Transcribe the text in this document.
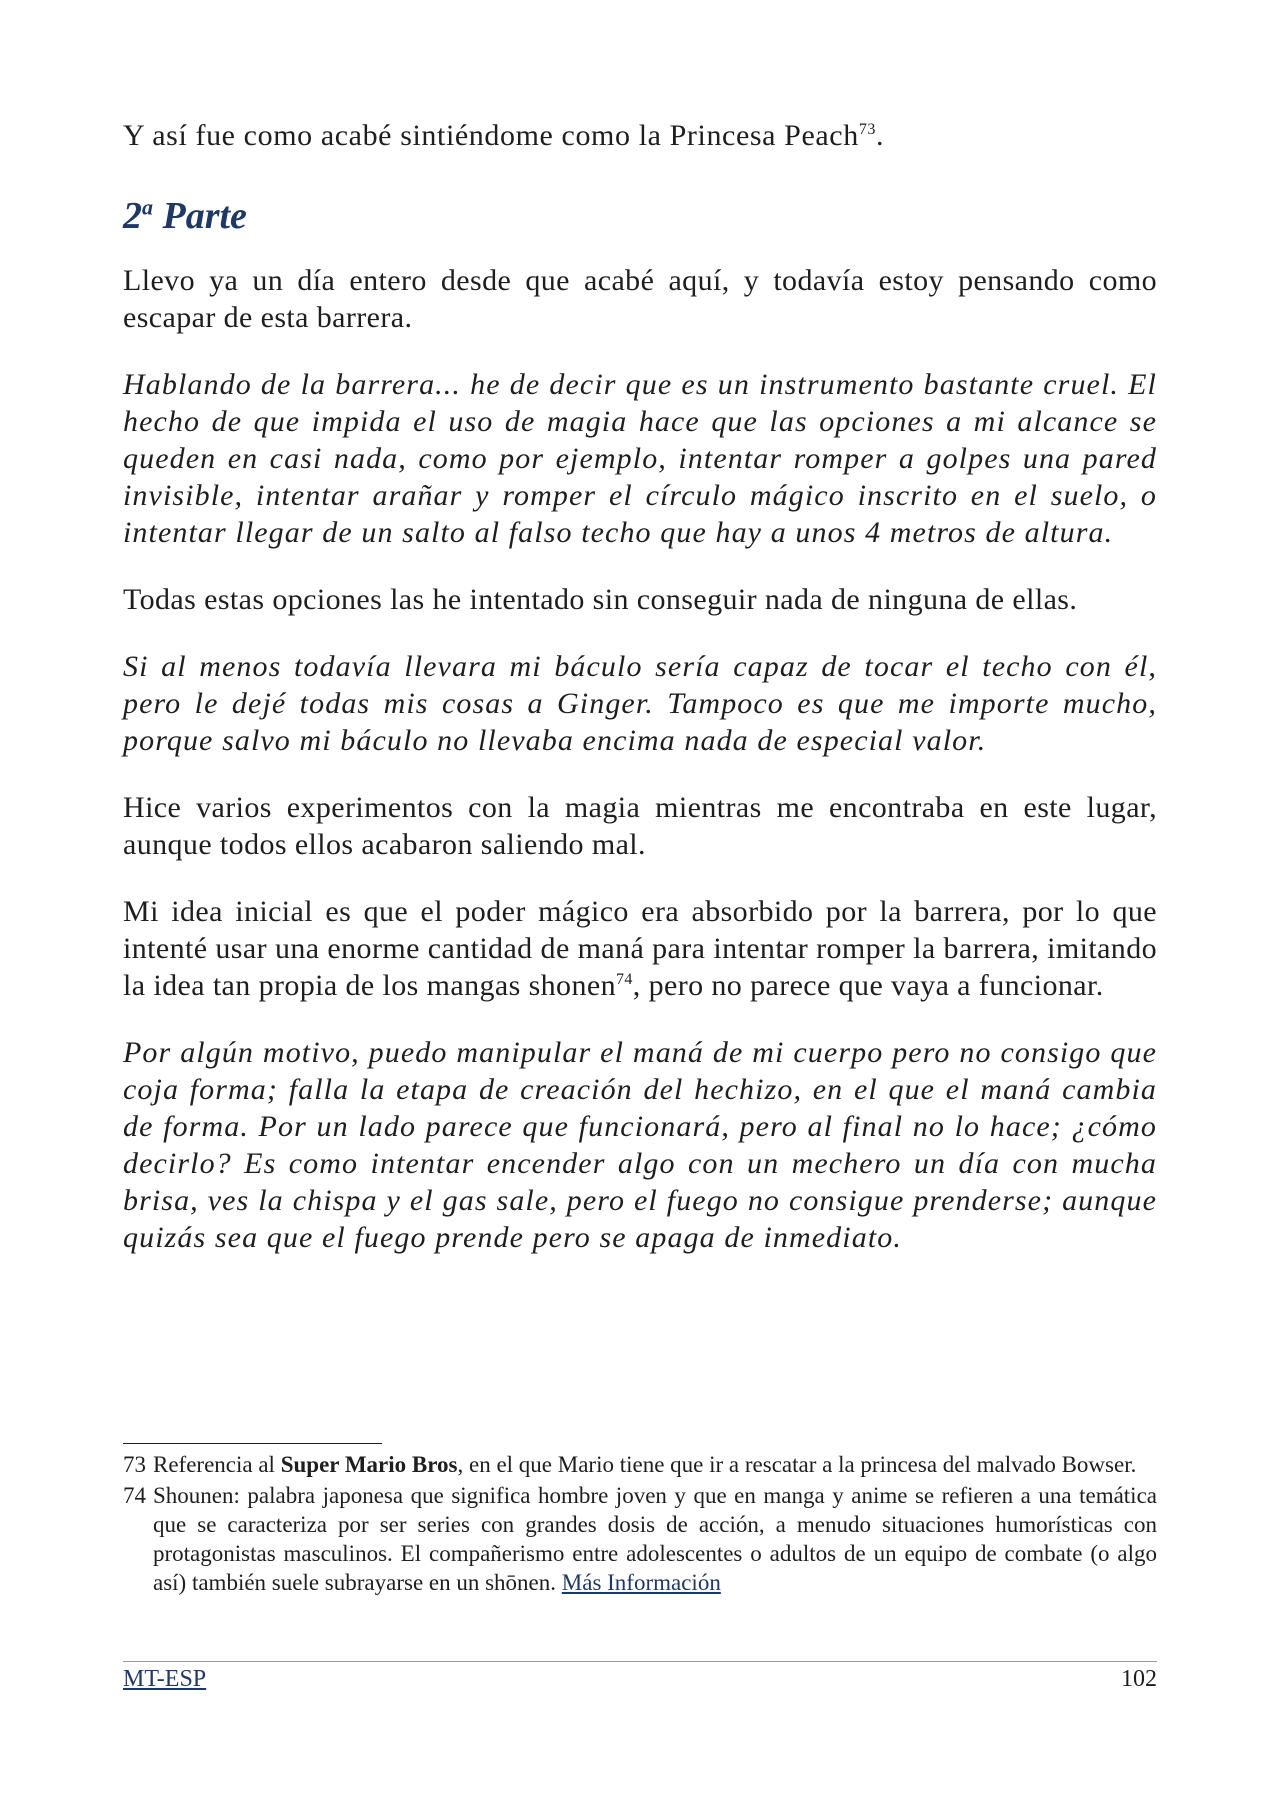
Y así fue como acabé sintiéndome como la Princesa Peach$^{73}$.

2$^a$ Parte

Llevo ya un día entero desde que acabé aquí, y todavía estoy pensando como escapar de esta barrera.

Hablando de la barrera... he de decir que es un instrumento bastante cruel. El hecho de que impida el uso de magia hace que las opciones a mi alcance se queden en casi nada, como por ejemplo, intentar romper a golpes una pared invisible, intentar arañar y romper el círculo mágico inscrito en el suelo, o intentar llegar de un salto al falso techo que hay a unos 4 metros de altura.

Todas estas opciones las he intentado sin conseguir nada de ninguna de ellas.

Si al menos todavía llevara mi báculo sería capaz de tocar el techo con él, pero le dejé todas mis cosas a Ginger. Tampoco es que me importe mucho, porque salvo mi báculo no llevaba encima nada de especial valor.

Hice varios experimentos con la magia mientras me encontraba en este lugar, aunque todos ellos acabaron saliendo mal.

Mi idea inicial es que el poder mágico era absorbido por la barrera, por lo que intenté usar una enorme cantidad de maná para intentar romper la barrera, imitando la idea tan propia de los mangas shonen$^{74}$, pero no parece que vaya a funcionar.

Por algún motivo, puedo manipular el maná de mi cuerpo pero no consigo que coja forma; falla la etapa de creación del hechizo, en el que el maná cambia de forma. Por un lado parece que funcionará, pero al final no lo hace; ¿cómo decirlo? Es como intentar encender algo con un mechero un día con mucha brisa, ves la chispa y el gas sale, pero el fuego no consigue prenderse; aunque quizás sea que el fuego prende pero se apaga de inmediato.

73 Referencia al Super Mario Bros, en el que Mario tiene que ir a rescatar a la princesa del malvado Bowser.
74 Shounen: palabra japonesa que significa hombre joven y que en manga y anime se refieren a una temática que se caracteriza por ser series con grandes dosis de acción, a menudo situaciones humorísticas con protagonistas masculinos. El compañerismo entre adolescentes o adultos de un equipo de combate (o algo así) también suele subrayarse en un shōnen. Más Información
MT-ESP	102
